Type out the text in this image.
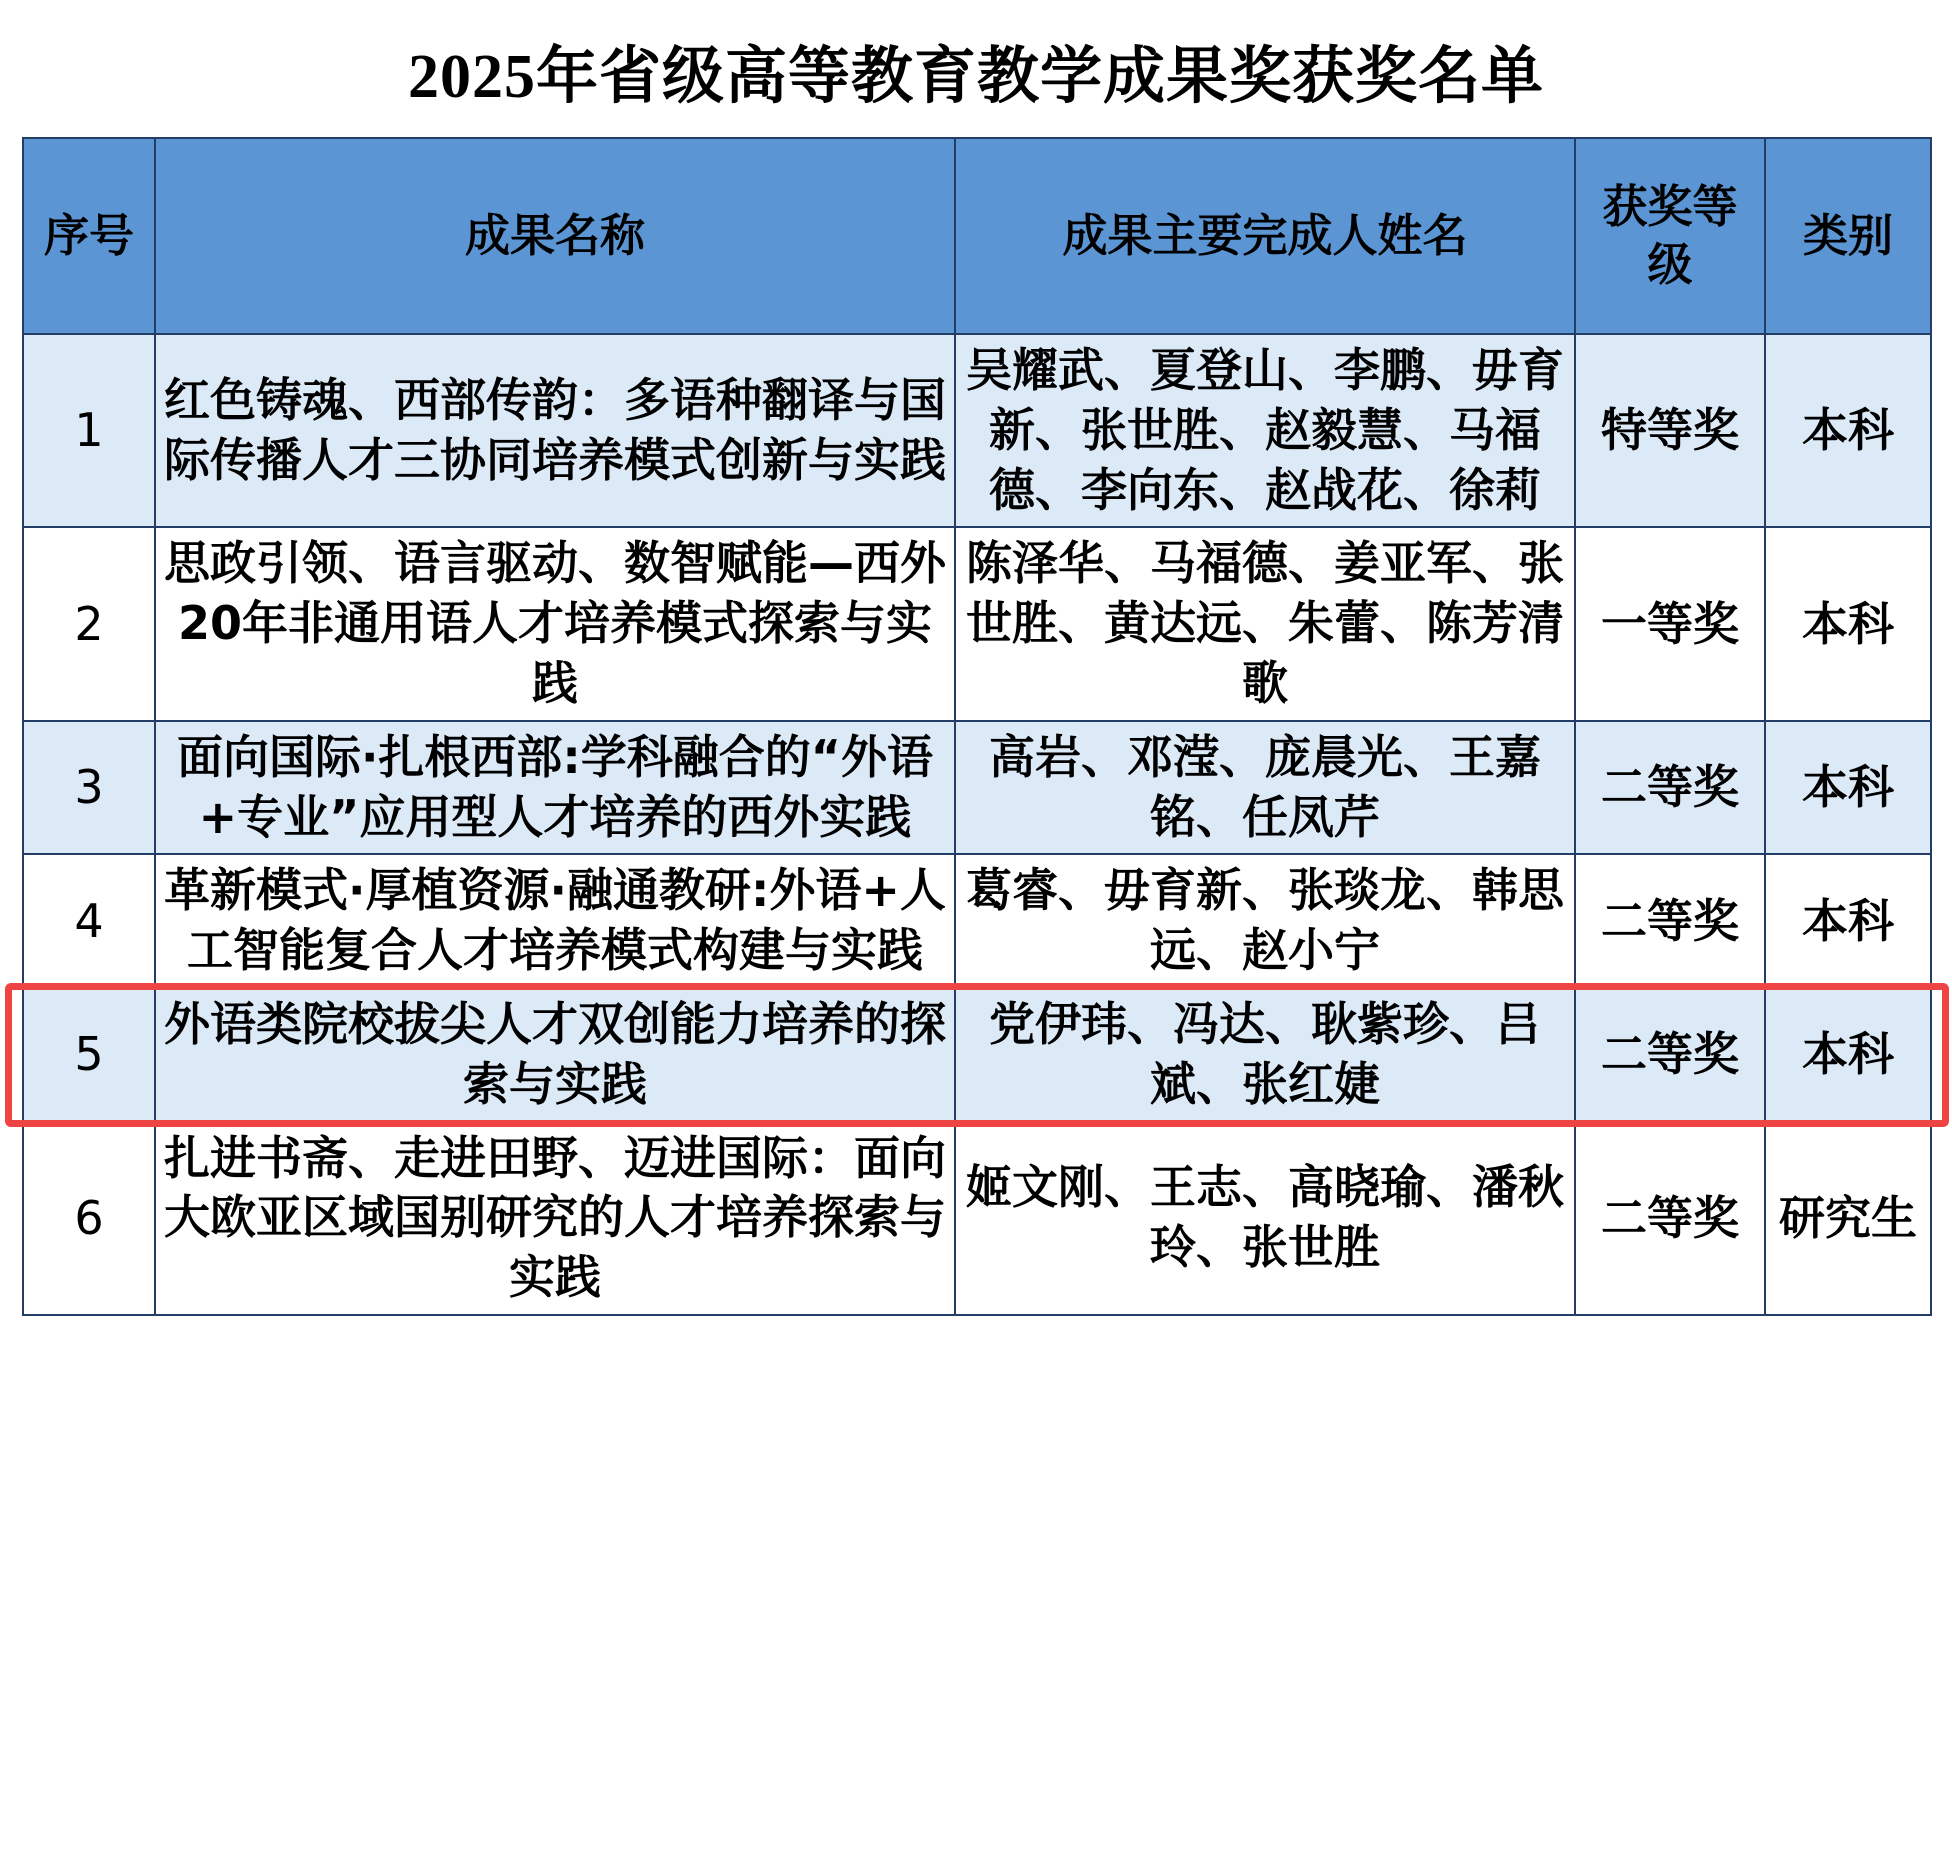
2025年省级高等教育教学成果奖获奖名单
序号	成果名称	成果主要完成人姓名	获奖等级	类别
1	红色铸魂、西部传韵：多语种翻译与国际传播人才三协同培养模式创新与实践	吴耀武、夏登山、李鹏、毋育新、张世胜、赵毅慧、马福德、李向东、赵战花、徐莉	特等奖	本科
2	思政引领、语言驱动、数智赋能—西外20年非通用语人才培养模式探索与实践	陈泽华、马福德、姜亚军、张世胜、黄达远、朱蕾、陈芳清歌	一等奖	本科
3	面向国际·扎根西部:学科融合的“外语+专业”应用型人才培养的西外实践	高岩、邓滢、庞晨光、王嘉铭、任凤芹	二等奖	本科
4	革新模式·厚植资源·融通教研:外语+人工智能复合人才培养模式构建与实践	葛睿、毋育新、张琰龙、韩思远、赵小宁	二等奖	本科
5	外语类院校拔尖人才双创能力培养的探索与实践	党伊玮、冯达、耿紫珍、吕斌、张红婕	二等奖	本科
6	扎进书斋、走进田野、迈进国际：面向大欧亚区域国别研究的人才培养探索与实践	姬文刚、王志、高晓瑜、潘秋玲、张世胜	二等奖	研究生
